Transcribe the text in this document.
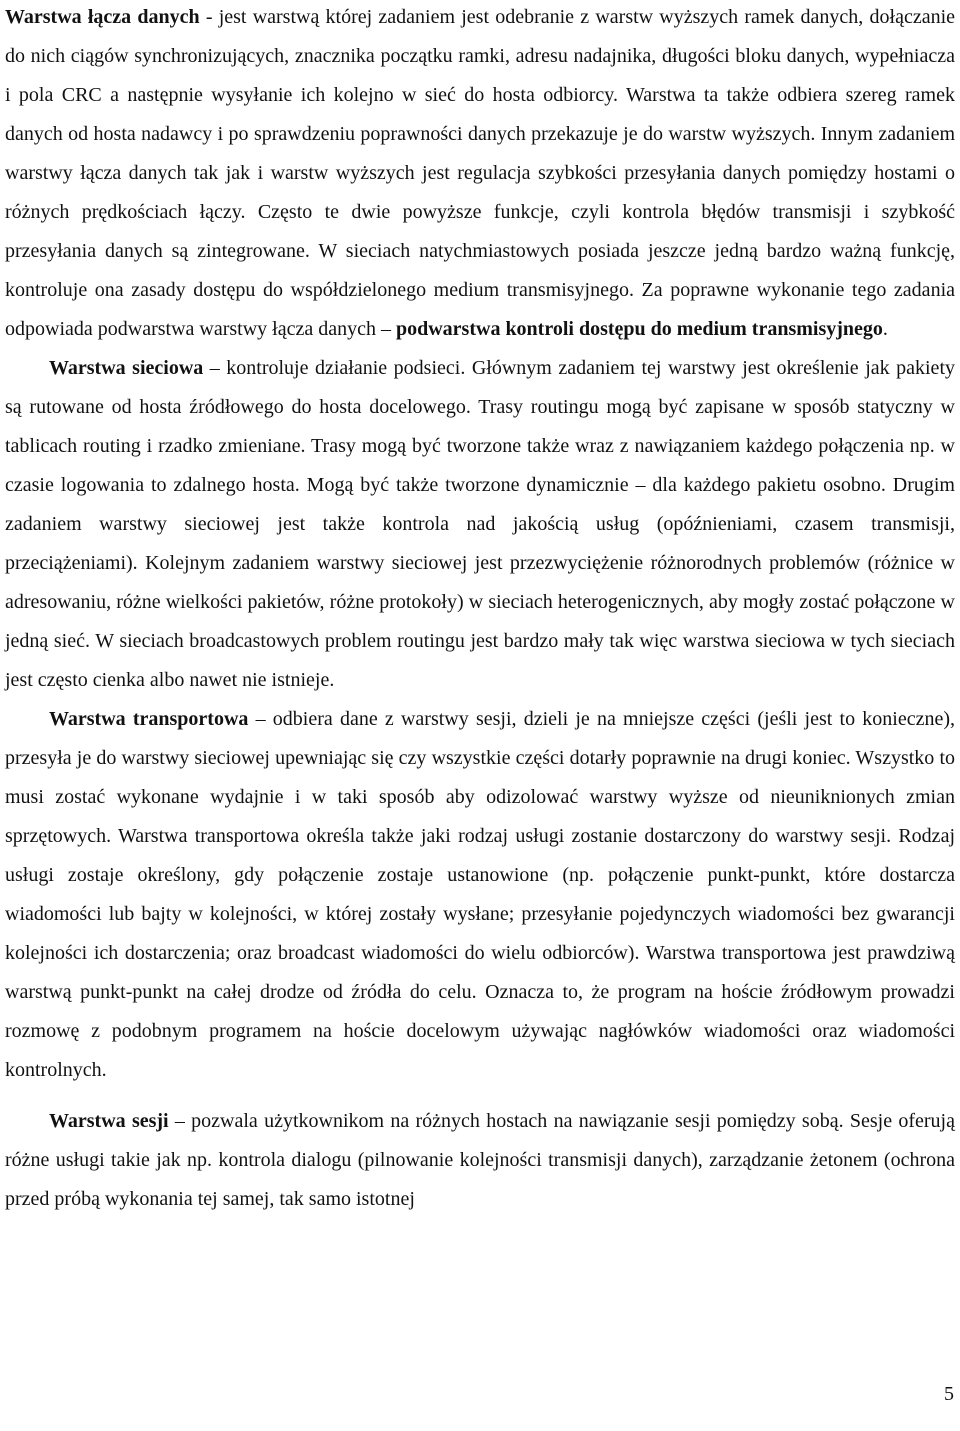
Warstwa łącza danych - jest warstwą której zadaniem jest odebranie z warstw wyższych ramek danych, dołączanie do nich ciągów synchronizujących, znacznika początku ramki, adresu nadajnika, długości bloku danych, wypełniacza i pola CRC a następnie wysyłanie ich kolejno w sieć do hosta odbiorcy. Warstwa ta także odbiera szereg ramek danych od hosta nadawcy i po sprawdzeniu poprawności danych przekazuje je do warstw wyższych. Innym zadaniem warstwy łącza danych tak jak i warstw wyższych jest regulacja szybkości przesyłania danych pomiędzy hostami o różnych prędkościach łączy. Często te dwie powyższe funkcje, czyli kontrola błędów transmisji i szybkość przesyłania danych są zintegrowane. W sieciach natychmiastowych posiada jeszcze jedną bardzo ważną funkcję, kontroluje ona zasady dostępu do współdzielonego medium transmisyjnego. Za poprawne wykonanie tego zadania odpowiada podwarstwa warstwy łącza danych – podwarstwa kontroli dostępu do medium transmisyjnego.

Warstwa sieciowa – kontroluje działanie podsieci. Głównym zadaniem tej warstwy jest określenie jak pakiety są rutowane od hosta źródłowego do hosta docelowego. Trasy routingu mogą być zapisane w sposób statyczny w tablicach routing i rzadko zmieniane. Trasy mogą być tworzone także wraz z nawiązaniem każdego połączenia np. w czasie logowania to zdalnego hosta. Mogą być także tworzone dynamicznie – dla każdego pakietu osobno. Drugim zadaniem warstwy sieciowej jest także kontrola nad jakością usług (opóźnieniami, czasem transmisji, przeciążeniami). Kolejnym zadaniem warstwy sieciowej jest przezwyciężenie różnorodnych problemów (różnice w adresowaniu, różne wielkości pakietów, różne protokoły) w sieciach heterogenicznych, aby mogły zostać połączone w jedną sieć. W sieciach broadcastowych problem routingu jest bardzo mały tak więc warstwa sieciowa w tych sieciach jest często cienka albo nawet nie istnieje.

Warstwa transportowa – odbiera dane z warstwy sesji, dzieli je na mniejsze części (jeśli jest to konieczne), przesyła je do warstwy sieciowej upewniając się czy wszystkie części dotarły poprawnie na drugi koniec. Wszystko to musi zostać wykonane wydajnie i w taki sposób aby odizolować warstwy wyższe od nieuniknionych zmian sprzętowych. Warstwa transportowa określa także jaki rodzaj usługi zostanie dostarczony do warstwy sesji. Rodzaj usługi zostaje określony, gdy połączenie zostaje ustanowione (np. połączenie punkt-punkt, które dostarcza wiadomości lub bajty w kolejności, w której zostały wysłane; przesyłanie pojedynczych wiadomości bez gwarancji kolejności ich dostarczenia; oraz broadcast wiadomości do wielu odbiorców). Warstwa transportowa jest prawdziwą warstwą punkt-punkt na całej drodze od źródła do celu. Oznacza to, że program na hoście źródłowym prowadzi rozmowę z podobnym programem na hoście docelowym używając nagłówków wiadomości oraz wiadomości kontrolnych.

Warstwa sesji – pozwala użytkownikom na różnych hostach na nawiązanie sesji pomiędzy sobą. Sesje oferują różne usługi takie jak np. kontrola dialogu (pilnowanie kolejności transmisji danych), zarządzanie żetonem (ochrona przed próbą wykonania tej samej, tak samo istotnej

5
